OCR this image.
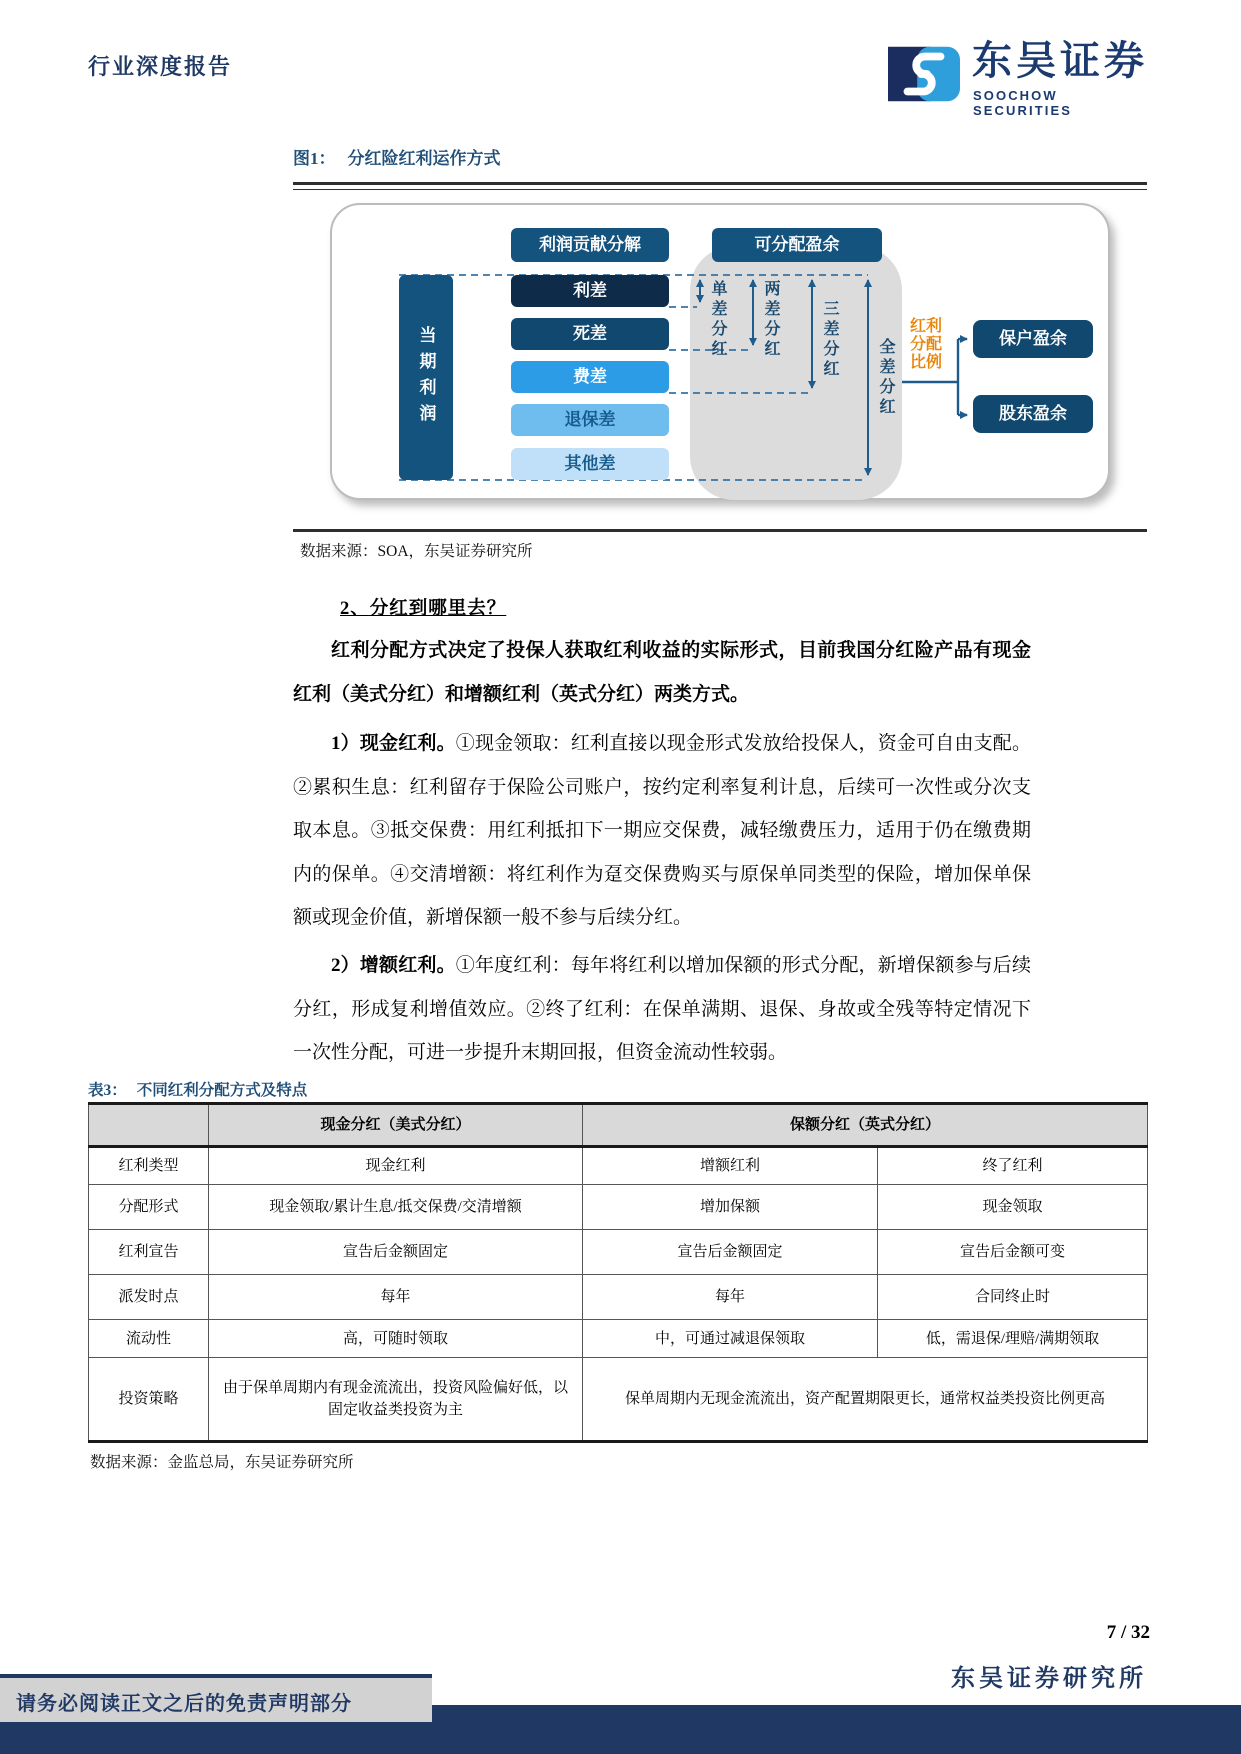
行业深度报告	东吴证券
SOOCHOW SECURITIES
图1： 分红险红利运作方式
利润贡献分解	可分配盈余
当期利润
利差
死差
费差
退保差
其他差
单差分红 两差分红	三差分红 全差分红
红利分配比例
保户盈余
股东盈余
数据来源：SOA，东吴证券研究所
2、分红到哪里去？

红利分配方式决定了投保人获取红利收益的实际形式，目前我国分红险产品有现金红利（美式分红）和增额红利（英式分红）两类方式。

1）现金红利。①现金领取：红利直接以现金形式发放给投保人，资金可自由支配。②累积生息：红利留存于保险公司账户，按约定利率复利计息，后续可一次性或分次支取本息。③抵交保费：用红利抵扣下一期应交保费，减轻缴费压力，适用于仍在缴费期内的保单。④交清增额：将红利作为趸交保费购买与原保单同类型的保险，增加保单保额或现金价值，新增保额一般不参与后续分红。

2）增额红利。①年度红利：每年将红利以增加保额的形式分配，新增保额参与后续分红，形成复利增值效应。②终了红利：在保单满期、退保、身故或全残等特定情况下一次性分配，可进一步提升末期回报，但资金流动性较弱。

表3： 不同红利分配方式及特点
	现金分红（美式分红）	保额分红（英式分红）	
红利类型	现金红利	增额红利	终了红利
分配形式	现金领取/累计生息/抵交保费/交清增额	增加保额	现金领取
红利宣告	宣告后金额固定	宣告后金额固定	宣告后金额可变
派发时点	每年	每年	合同终止时
流动性	高，可随时领取	中，可通过减退保领取	低，需退保/理赔/满期领取
投资策略	由于保单周期内有现金流流出，投资风险偏好低，以固定收益类投资为主	保单周期内无现金流流出，资产配置期限更长，通常权益类投资比例更高	
数据来源：金监总局，东吴证券研究所
7 / 32
东吴证券研究所
请务必阅读正文之后的免责声明部分
